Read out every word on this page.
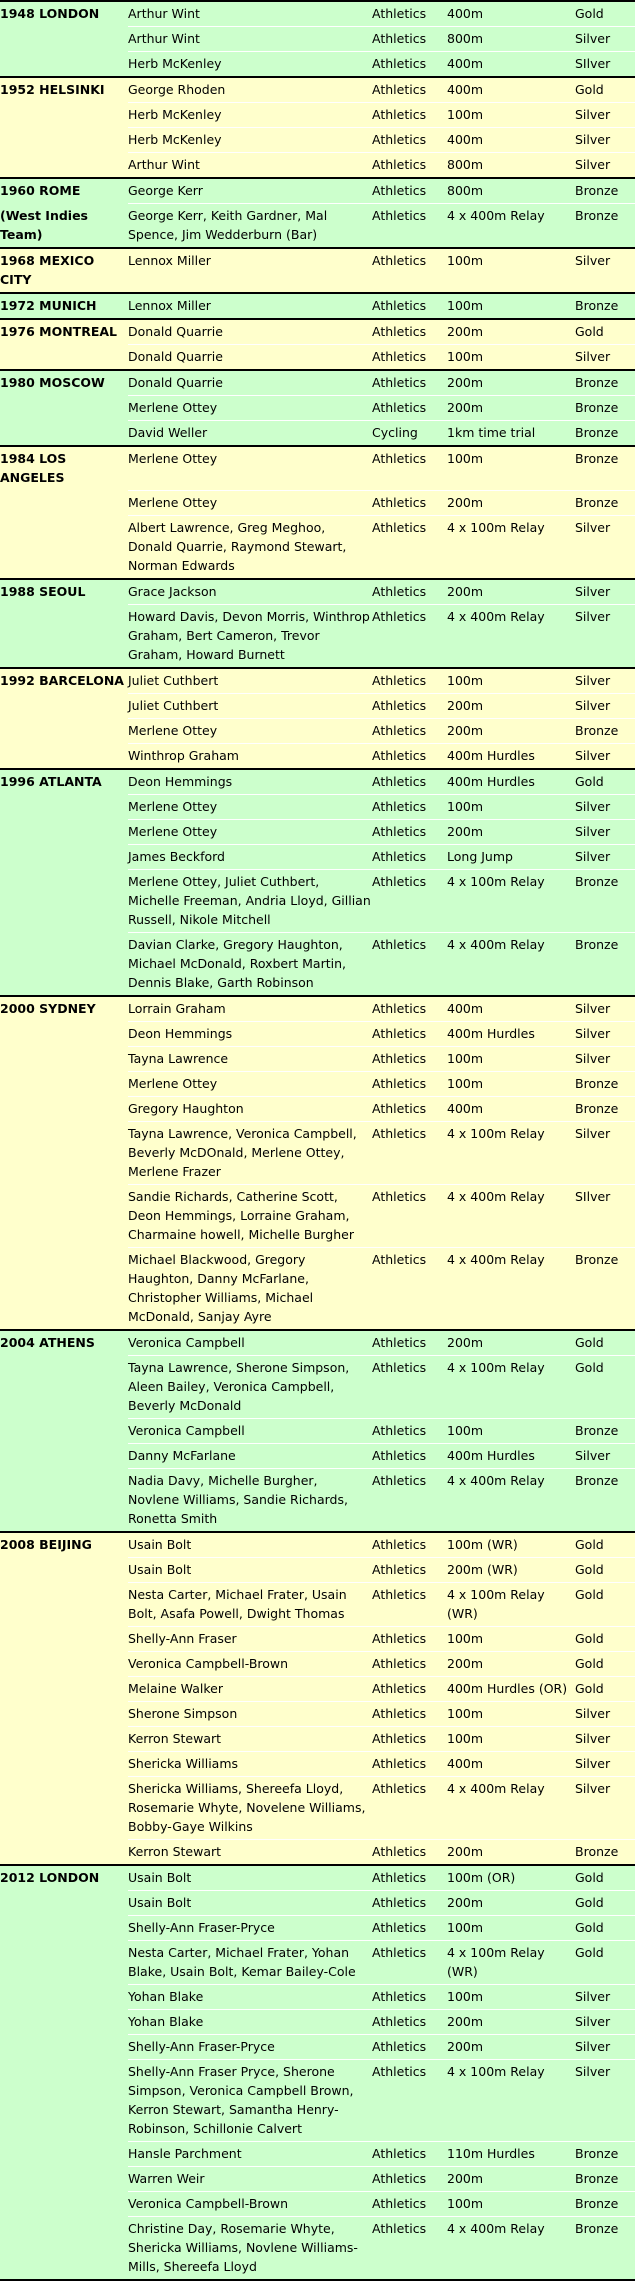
1948 LONDON	Arthur Wint	Athletics	400m	Gold
	Arthur Wint	Athletics	800m	Silver
	Herb McKenley	Athletics	400m	SIlver
1952 HELSINKI	George Rhoden	Athletics	400m	Gold
	Herb McKenley	Athletics	100m	Silver
	Herb McKenley	Athletics	400m	Silver
	Arthur Wint	Athletics	800m	Silver
1960 ROME	George Kerr	Athletics	800m	Bronze
(West Indies Team)	George Kerr, Keith Gardner, Mal Spence, Jim Wedderburn (Bar)	Athletics	4 x 400m Relay	Bronze
1968 MEXICO CITY	Lennox Miller	Athletics	100m	Silver
1972 MUNICH	Lennox Miller	Athletics	100m	Bronze
1976 MONTREAL	Donald Quarrie	Athletics	200m	Gold
	Donald Quarrie	Athletics	100m	Silver
1980 MOSCOW	Donald Quarrie	Athletics	200m	Bronze
	Merlene Ottey	Athletics	200m	Bronze
	David Weller	Cycling	1km time trial	Bronze
1984 LOS ANGELES	Merlene Ottey	Athletics	100m	Bronze
	Merlene Ottey	Athletics	200m	Bronze
	Albert Lawrence, Greg Meghoo, Donald Quarrie, Raymond Stewart, Norman Edwards	Athletics	4 x 100m Relay	Silver
1988 SEOUL	Grace Jackson	Athletics	200m	Silver
	Howard Davis, Devon Morris, Winthrop Graham, Bert Cameron, Trevor Graham, Howard Burnett	Athletics	4 x 400m Relay	Silver
1992 BARCELONA	Juliet Cuthbert	Athletics	100m	Silver
	Juliet Cuthbert	Athletics	200m	Silver
	Merlene Ottey	Athletics	200m	Bronze
	Winthrop Graham	Athletics	400m Hurdles	Silver
1996 ATLANTA	Deon Hemmings	Athletics	400m Hurdles	Gold
	Merlene Ottey	Athletics	100m	Silver
	Merlene Ottey	Athletics	200m	Silver
	James Beckford	Athletics	Long Jump	Silver
	Merlene Ottey, Juliet Cuthbert, Michelle Freeman, Andria Lloyd, Gillian Russell, Nikole Mitchell	Athletics	4 x 100m Relay	Bronze
	Davian Clarke, Gregory Haughton, Michael McDonald, Roxbert Martin, Dennis Blake, Garth Robinson	Athletics	4 x 400m Relay	Bronze
2000 SYDNEY	Lorrain Graham	Athletics	400m	Silver
	Deon Hemmings	Athletics	400m Hurdles	Silver
	Tayna Lawrence	Athletics	100m	Silver
	Merlene Ottey	Athletics	100m	Bronze
	Gregory Haughton	Athletics	400m	Bronze
	Tayna Lawrence, Veronica Campbell, Beverly McDOnald, Merlene Ottey, Merlene Frazer	Athletics	4 x 100m Relay	Silver
	Sandie Richards, Catherine Scott, Deon Hemmings, Lorraine Graham, Charmaine howell, Michelle Burgher	Athletics	4 x 400m Relay	SIlver
	Michael Blackwood, Gregory Haughton, Danny McFarlane, Christopher Williams, Michael McDonald, Sanjay Ayre	Athletics	4 x 400m Relay	Bronze
2004 ATHENS	Veronica Campbell	Athletics	200m	Gold
	Tayna Lawrence, Sherone Simpson, Aleen Bailey, Veronica Campbell, Beverly McDonald	Athletics	4 x 100m Relay	Gold
	Veronica Campbell	Athletics	100m	Bronze
	Danny McFarlane	Athletics	400m Hurdles	Silver
	Nadia Davy, Michelle Burgher, Novlene Williams, Sandie Richards, Ronetta Smith	Athletics	4 x 400m Relay	Bronze
2008 BEIJING	Usain Bolt	Athletics	100m (WR)	Gold
	Usain Bolt	Athletics	200m (WR)	Gold
	Nesta Carter, Michael Frater, Usain Bolt, Asafa Powell, Dwight Thomas	Athletics	4 x 100m Relay (WR)	Gold
	Shelly-Ann Fraser	Athletics	100m	Gold
	Veronica Campbell-Brown	Athletics	200m	Gold
	Melaine Walker	Athletics	400m Hurdles (OR)	Gold
	Sherone Simpson	Athletics	100m	Silver
	Kerron Stewart	Athletics	100m	Silver
	Shericka Williams	Athletics	400m	Silver
	Shericka Williams, Shereefa Lloyd, Rosemarie Whyte, Novelene Williams, Bobby-Gaye Wilkins	Athletics	4 x 400m Relay	Silver
	Kerron Stewart	Athletics	200m	Bronze
2012 LONDON	Usain Bolt	Athletics	100m (OR)	Gold
	Usain Bolt	Athletics	200m	Gold
	Shelly-Ann Fraser-Pryce	Athletics	100m	Gold
	Nesta Carter, Michael Frater, Yohan Blake, Usain Bolt, Kemar Bailey-Cole	Athletics	4 x 100m Relay (WR)	Gold
	Yohan Blake	Athletics	100m	Silver
	Yohan Blake	Athletics	200m	Silver
	Shelly-Ann Fraser-Pryce	Athletics	200m	Silver
	Shelly-Ann Fraser Pryce, Sherone Simpson, Veronica Campbell Brown, Kerron Stewart, Samantha Henry-Robinson, Schillonie Calvert	Athletics	4 x 100m Relay	Silver
	Hansle Parchment	Athletics	110m Hurdles	Bronze
	Warren Weir	Athletics	200m	Bronze
	Veronica Campbell-Brown	Athletics	100m	Bronze
	Christine Day, Rosemarie Whyte, Shericka Williams, Novlene Williams-Mills, Shereefa Lloyd	Athletics	4 x 400m Relay	Bronze
